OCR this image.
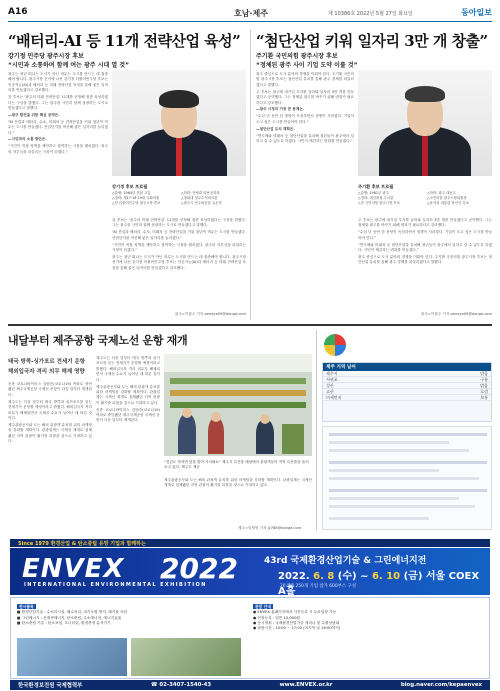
A16	호남·제주	제 10386호 2022년 5월 27일 화요일	동아일보
“배터리-AI 등 11개 전략산업 육성”
강기정 민주당 광주시장 후보
“시민과 소통하며 함께 여는 광주 시대 열 것”

광주는 청년 떠나는 도시가 아닌 머무는 도시를 만드는 데 집중해야 합니다. 광주시장 선거에 나선 강기정 더불어민주당 후보는 인공지능(AI)과 배터리 등 미래 전략산업 육성을 통해 좋은 일자리를 만들겠다고 강조했다.

강 후보는 '광주의 미래 전략산업' 11개를 선정해 집중 육성하겠다는 구상을 밝혔다. 그는 광주를 시민과 함께 성장하는 도시로 만들겠다고 말했다.

―광주 발전을 위한 핵심 공약은.

“AI 산업과 배터리, 수소, 미래차 등 전략산업을 키워 청년이 머무는 도시를 만들겠다. 산업단지를 혁신해 좋은 일자리를 늘리겠다.”

―시민과의 소통 방안은.

“시민이 직접 정책을 제안하고 참여하는 시정을 펼치겠다. 광주의 자부심을 되살리는 시장이 되겠다.”

강기정 후보 프로필
△출생: 1964년 전남 고흥	△학력: 연세대 의용공학과
△경력: 제17·18·19대 국회의원	△청와대 정무수석비서관
△현 더불어민주당 광주시장 후보	△광주시 민주화운동 유공자

강 후보는 '광주의 미래 전략산업' 11개를 선정해 집중 육성하겠다는 구상을 밝혔다. 그는 광주를 시민과 함께 성장하는 도시로 만들겠다고 말했다.

“AI 산업과 배터리, 수소, 미래차 등 전략산업을 키워 청년이 머무는 도시를 만들겠다. 산업단지를 혁신해 좋은 일자리를 늘리겠다.”

“시민이 직접 정책을 제안하고 참여하는 시정을 펼치겠다. 광주의 자부심을 되살리는 시장이 되겠다.”

광주는 청년 떠나는 도시가 아닌 머무는 도시를 만드는 데 집중해야 합니다. 광주시장 선거에 나선 강기정 더불어민주당 후보는 인공지능(AI)과 배터리 등 미래 전략산업 육성을 통해 좋은 일자리를 만들겠다고 강조했다.

광주=이형주 기자 peneye09@donga.com
“첨단산업 키워 일자리 3만 개 창출”
주기환 국민의힘 광주시장 후보
“정체된 광주 사이 기업 도약 이룰 것”

광주 중심으로 도시 분야의 경쟁을 이뤄야 한다. 주기환 국민의힘 광주시장 후보는 첨단산업 유치를 통해 광주 경제를 되살리겠다고 말했다.

주 후보는 광주에 대기업 투자를 끌어와 일자리 3만 개를 만들겠다고 공약했다. 그는 정체된 광주를 바꾸기 위해 변화가 필요하다고 강조했다.

―광주 시정의 가장 큰 문제는.

“수십 년 동안 한 정당이 독점하면서 경쟁이 사라졌다. 기업이 오고 싶은 도시를 만들어야 한다.”

―첨단산업 유치 계획은.

“반도체와 미래차 등 첨단산업을 유치해 청년들이 광주에서 일하고 살 수 있도록 하겠다. 시민이 체감하는 변화를 만들겠다.”

주기환 후보 프로필
△출생: 1961년 광주	△학력: 광주 대동고
△경력: 대검찰청 수사관	△국민의힘 광주시당위원장
△현 국민의힘 광주시장 후보	△윤석열 대통령 당선인 특보

주 후보는 광주에 대기업 투자를 끌어와 일자리 3만 개를 만들겠다고 공약했다. 그는 정체된 광주를 바꾸기 위해 변화가 필요하다고 강조했다.

“수십 년 동안 한 정당이 독점하면서 경쟁이 사라졌다. 기업이 오고 싶은 도시를 만들어야 한다.”

“반도체와 미래차 등 첨단산업을 유치해 청년들이 광주에서 일하고 살 수 있도록 하겠다. 시민이 체감하는 변화를 만들겠다.”

광주 중심으로 도시 분야의 경쟁을 이뤄야 한다. 주기환 국민의힘 광주시장 후보는 첨단산업 유치를 통해 광주 경제를 되살리겠다고 말했다.

광주=이형주 기자 peneye09@donga.com
내달부터 제주공항 국제노선 운항 재개
태국 방콕-싱가포르 전세기 운항
해외입국자 격리 의무 해제 영향

신종 코로나바이러스 감염증(코로나19) 여파로 중단됐던 제주국제공항 국제선 운항이 다음 달부터 재개된다.

제주도는 다음 달부터 태국 방콕과 싱가포르를 잇는 전세기가 운항할 예정이라고 밝혔다. 해외입국자 격리 의무가 해제되면서 국제선 수요가 늘어난 데 따른 것이다.

제주관광공사와 도는 해외 관광객 유치를 위한 마케팅을 강화할 계획이다. 관광업계는 국제선 재개로 침체됐던 지역 관광이 활기를 되찾을 것으로 기대하고 있다.

제주도는 다음 달부터 태국 방콕과 싱가포르를 잇는 전세기가 운항할 예정이라고 밝혔다. 해외입국자 격리 의무가 해제되면서 국제선 수요가 늘어난 데 따른 것이다.

제주관광공사와 도는 해외 관광객 유치를 위한 마케팅을 강화할 계획이다. 관광업계는 국제선 재개로 침체됐던 지역 관광이 활기를 되찾을 것으로 기대하고 있다.

신종 코로나바이러스 감염증(코로나19) 여파로 중단됐던 제주국제공항 국제선 운항이 다음 달부터 재개된다.

“천년도 하려면 맛을 찾아 사서봐요” 제주시 특산물 매장에서 관광객들이 지역 특산품을 둘러보고 있다. 제주도 제공

제주관광공사와 도는 해외 관광객 유치를 위한 마케팅을 강화할 계획이다. 관광업계는 국제선 재개로 침체됐던 지역 관광이 활기를 되찾을 것으로 기대하고 있다.

제주=임재영 기자 jy788@donga.com
제주 지역 날씨
제주시	맑음
서귀포	구름
성산	맑음
고산	흐림
미세먼지	보통
Since 1979 환경산업 & 탄소중립 유망 기업과 함께하는
ENVEX
INTERNATIONAL ENVIRONMENTAL EXHIBITION
2022	43rd 국제환경산업기술 & 그린에너지전
2022. 6. 8 (수) ~ 6. 10 (금) 서울 COEX A홀
20개국 250개 기업 참가 600부스 구성
전시품목
■ 환경산업기술 : 수처리시설, 폐수처리, 대기오염 방지, 폐기물 처리
■ 그린에너지 : 신재생에너지, 탄소중립, 수소에너지, 에너지효율
■ 탄소중립 기술 : 탄소포집, 모니터링, 환경측정 분석기기
관람 안내
● ENVEX 홈페이지에서 사전등록 시 무료입장 가능
● 현장등록 : 일반 10,000원
● 동시개최 : 국제환경산업기술 세미나 및 수출상담회
● 관람시간 : 10:00 ~ 17:00 (마지막 날 16:00까지)
한국환경보전원 국제협력부	☎ 02-3407-1540-43	www.ENVEX.or.kr	blog.naver.com/kepaenvex
